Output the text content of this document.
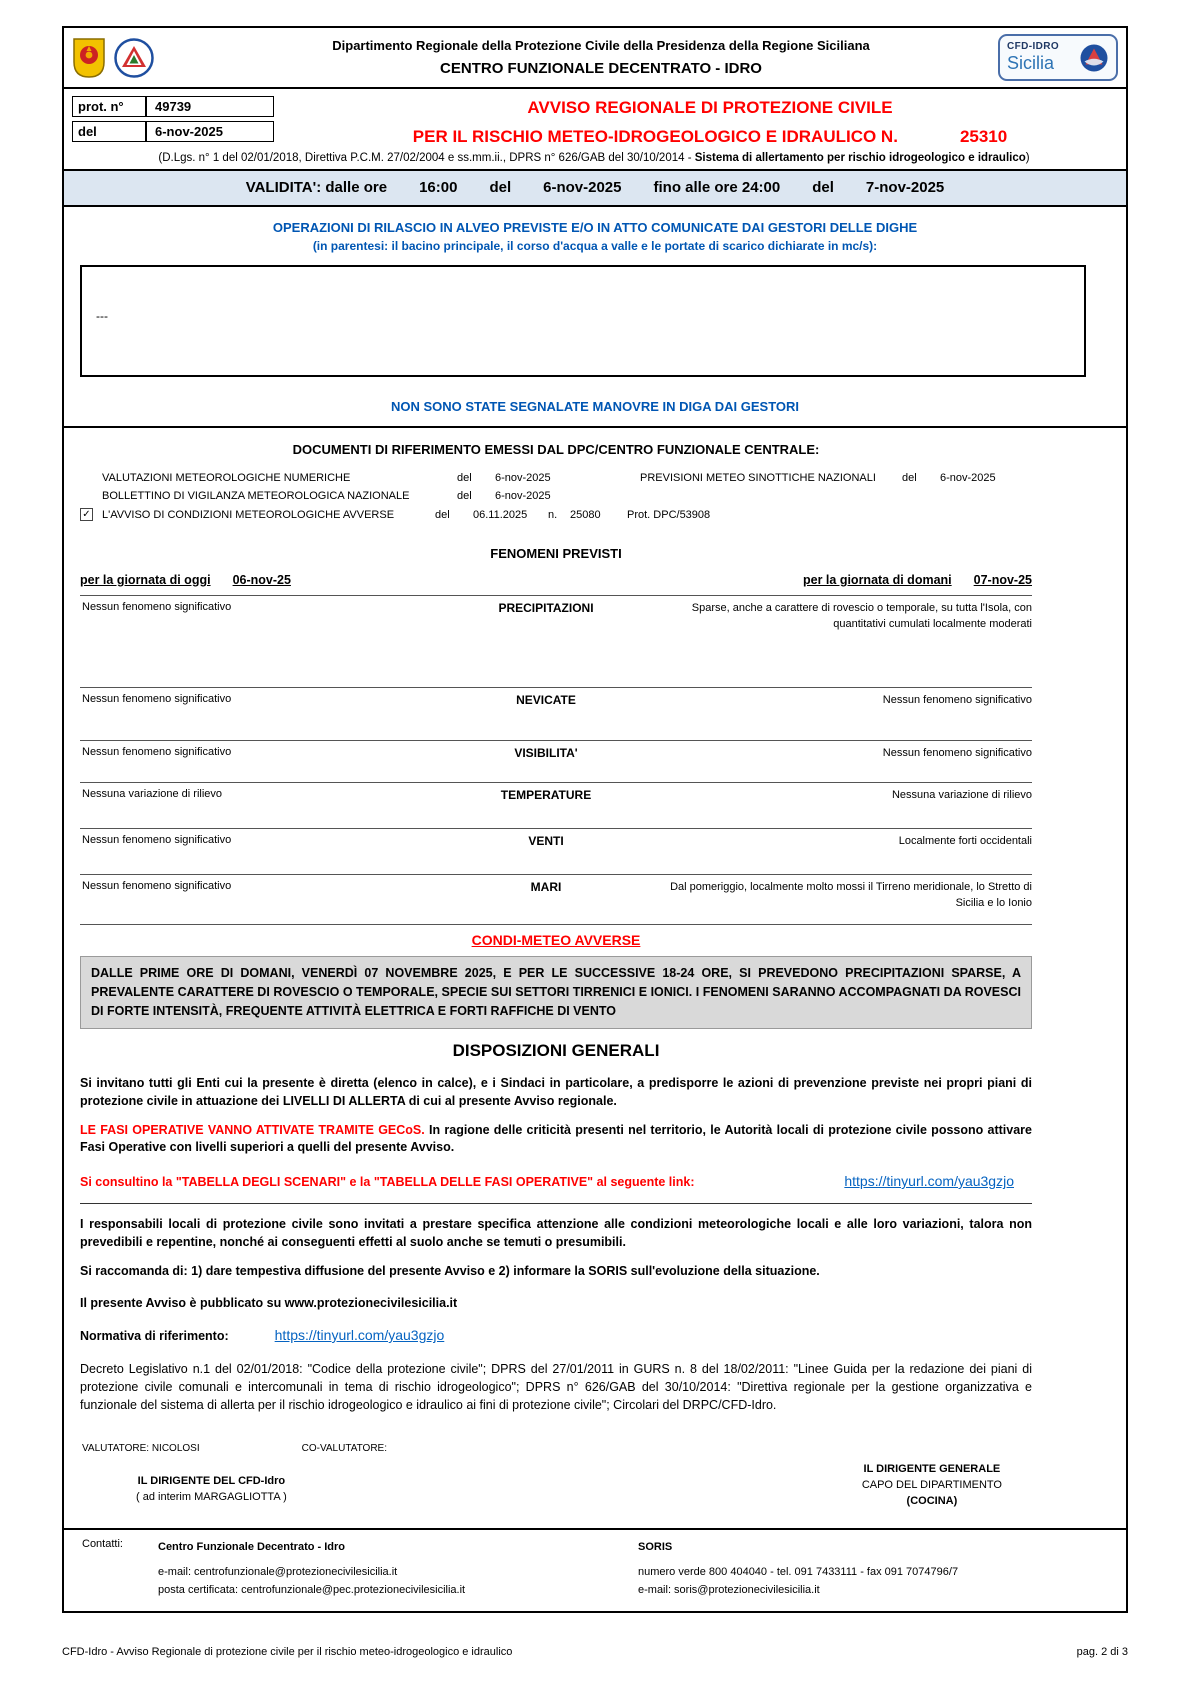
Dipartimento Regionale della Protezione Civile della Presidenza della Regione Siciliana
CENTRO FUNZIONALE DECENTRATO - IDRO
CFD-IDRO
Sicilia
prot. n°	49739
del	6-nov-2025
AVVISO REGIONALE DI PROTEZIONE CIVILE
PER IL RISCHIO METEO-IDROGEOLOGICO E IDRAULICO N.	25310
(D.Lgs. n° 1 del 02/01/2018, Direttiva P.C.M. 27/02/2004 e ss.mm.ii., DPRS n° 626/GAB del 30/10/2014 - Sistema di allertamento per rischio idrogeologico e idraulico)
VALIDITA': dalle ore 16:00 del 6-nov-2025 fino alle ore 24:00 del 7-nov-2025
OPERAZIONI DI RILASCIO IN ALVEO PREVISTE E/O IN ATTO COMUNICATE DAI GESTORI DELLE DIGHE
(in parentesi: il bacino principale, il corso d'acqua a valle e le portate di scarico dichiarate in mc/s):
---
NON SONO STATE SEGNALATE MANOVRE IN DIGA DAI GESTORI
DOCUMENTI DI RIFERIMENTO EMESSI DAL DPC/CENTRO FUNZIONALE CENTRALE:
VALUTAZIONI METEOROLOGICHE NUMERICHE	del	6-nov-2025	PREVISIONI METEO SINOTTICHE NAZIONALI	del	6-nov-2025
BOLLETTINO DI VIGILANZA METEOROLOGICA NAZIONALE	del	6-nov-2025
✓ L'AVVISO DI CONDIZIONI METEOROLOGICHE AVVERSE	del	06.11.2025	n.	25080	Prot. DPC/53908
FENOMENI PREVISTI
per la giornata di oggi 06-nov-25	per la giornata di domani 07-nov-25
Nessun fenomeno significativo	PRECIPITAZIONI	Sparse, anche a carattere di rovescio o temporale, su tutta l'Isola, con quantitativi cumulati localmente moderati
Nessun fenomeno significativo	NEVICATE	Nessun fenomeno significativo
Nessun fenomeno significativo	VISIBILITA'	Nessun fenomeno significativo
Nessuna variazione di rilievo	TEMPERATURE	Nessuna variazione di rilievo
Nessun fenomeno significativo	VENTI	Localmente forti occidentali
Nessun fenomeno significativo	MARI	Dal pomeriggio, localmente molto mossi il Tirreno meridionale, lo Stretto di Sicilia e lo Ionio
CONDI-METEO AVVERSE
DALLE PRIME ORE DI DOMANI, VENERDÌ 07 NOVEMBRE 2025, E PER LE SUCCESSIVE 18-24 ORE, SI PREVEDONO PRECIPITAZIONI SPARSE, A PREVALENTE CARATTERE DI ROVESCIO O TEMPORALE, SPECIE SUI SETTORI TIRRENICI E IONICI. I FENOMENI SARANNO ACCOMPAGNATI DA ROVESCI DI FORTE INTENSITÀ, FREQUENTE ATTIVITÀ ELETTRICA E FORTI RAFFICHE DI VENTO
DISPOSIZIONI GENERALI

Si invitano tutti gli Enti cui la presente è diretta (elenco in calce), e i Sindaci in particolare, a predisporre le azioni di prevenzione previste nei propri piani di protezione civile in attuazione dei LIVELLI DI ALLERTA di cui al presente Avviso regionale.

LE FASI OPERATIVE VANNO ATTIVATE TRAMITE GECoS. In ragione delle criticità presenti nel territorio, le Autorità locali di protezione civile possono attivare Fasi Operative con livelli superiori a quelli del presente Avviso.

Si consultino la "TABELLA DEGLI SCENARI" e la "TABELLA DELLE FASI OPERATIVE" al seguente link:	https://tinyurl.com/yau3gzjo

I responsabili locali di protezione civile sono invitati a prestare specifica attenzione alle condizioni meteorologiche locali e alle loro variazioni, talora non prevedibili e repentine, nonché ai conseguenti effetti al suolo anche se temuti o presumibili.

Si raccomanda di: 1) dare tempestiva diffusione del presente Avviso e 2) informare la SORIS sull'evoluzione della situazione.

Il presente Avviso è pubblicato su www.protezionecivilesicilia.it

Normativa di riferimento:	https://tinyurl.com/yau3gzjo

Decreto Legislativo n.1 del 02/01/2018: "Codice della protezione civile"; DPRS del 27/01/2011 in GURS n. 8 del 18/02/2011: "Linee Guida per la redazione dei piani di protezione civile comunali e intercomunali in tema di rischio idrogeologico"; DPRS n° 626/GAB del 30/10/2014: "Direttiva regionale per la gestione organizzativa e funzionale del sistema di allerta per il rischio idrogeologico e idraulico ai fini di protezione civile"; Circolari del DRPC/CFD-Idro.

VALUTATORE: NICOLOSI	CO-VALUTATORE:
IL DIRIGENTE DEL CFD-Idro
( ad interim MARGAGLIOTTA )
IL DIRIGENTE GENERALE
CAPO DEL DIPARTIMENTO
(COCINA)
Contatti:	Centro Funzionale Decentrato - Idro
e-mail: centrofunzionale@protezionecivilesicilia.it
posta certificata: centrofunzionale@pec.protezionecivilesicilia.it
SORIS
numero verde 800 404040 - tel. 091 7433111 - fax 091 7074796/7
e-mail: soris@protezionecivilesicilia.it
CFD-Idro - Avviso Regionale di protezione civile per il rischio meteo-idrogeologico e idraulico	pag. 2 di 3
